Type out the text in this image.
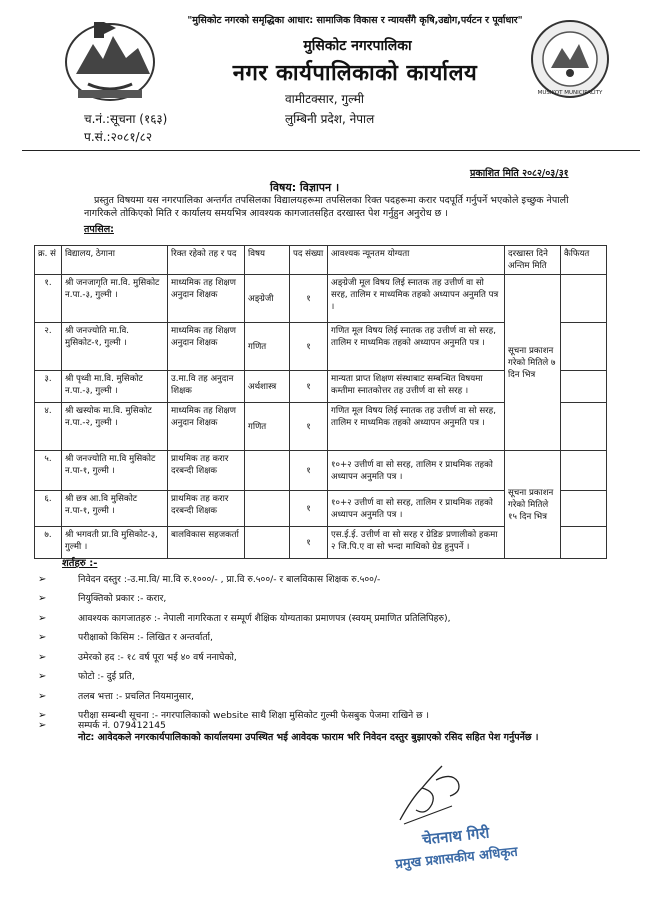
"मुसिकोट नगरको समृद्धिका आधार: सामाजिक विकास र न्यायसँगै कृषि,उद्योग,पर्यटन र पूर्वाधार"
मुसिकोट नगरपालिका
नगर कार्यपालिकाको कार्यालय
MUSIKOT MUNICIPALITY
च.नं.:सूचना (१६३)
प.सं.:२०८१/८२
वामीटक्सार, गुल्मी
लुम्बिनी प्रदेश, नेपाल
प्रकाशित मिति २०८२/०३/३१
विषय: विज्ञापन ।
प्रस्तुत विषयमा यस नगरपालिका अन्तर्गत तपसिलका विद्यालयहरूमा तपसिलका रिक्त पदहरूमा करार पदपूर्ति गर्नुपर्ने भएकोले इच्छुक नेपाली नागरिकले तोकिएको मिति र कार्यालय समयभित्र आवश्यक कागजातसहित दरखास्त पेश गर्नुहुन अनुरोध छ ।
तपसिल:
क्र. सं	विद्यालय, ठेगाना	रिक्त रहेको तह र पद	विषय	पद संख्या	आवश्यक न्यूनतम योग्यता	दरखास्त दिने अन्तिम मिति	कैफियत
१.	श्री जनजागृति मा.वि. मुसिकोट न.पा.-३, गुल्मी ।	माध्यमिक तह शिक्षण अनुदान शिक्षक	अङ्ग्रेजी	१	अङ्ग्रेजी मूल विषय लिई स्नातक तह उत्तीर्ण वा सो सरह, तालिम र माध्यमिक तहको अध्यापन अनुमति पत्र ।	सूचना प्रकाशन गरेको मितिले ७ दिन भित्र	
२.	श्री जनज्योति मा.वि. मुसिकोट-१, गुल्मी ।	माध्यमिक तह शिक्षण अनुदान शिक्षक	गणित	१	गणित मूल विषय लिई स्नातक तह उत्तीर्ण वा सो सरह, तालिम र माध्यमिक तहको अध्यापन अनुमति पत्र ।		
३.	श्री पृथ्वी मा.वि. मुसिकोट न.पा.-३, गुल्मी ।	उ.मा.वि तह अनुदान शिक्षक	अर्थशास्त्र	१	मान्यता प्राप्त शिक्षण संस्थाबाट सम्बन्धित विषयमा कम्तीमा स्नातकोत्तर तह उत्तीर्ण वा सो सरह ।		
४.	श्री खस्योक मा.वि. मुसिकोट न.पा.-२, गुल्मी ।	माध्यमिक तह शिक्षण अनुदान शिक्षक	गणित	१	गणित मूल विषय लिई स्नातक तह उत्तीर्ण वा सो सरह, तालिम र माध्यमिक तहको अध्यापन अनुमति पत्र ।		
५.	श्री जनज्योति मा.वि मुसिकोट न.पा-१, गुल्मी ।	प्राथमिक तह करार दरबन्दी शिक्षक		१	१०+२ उत्तीर्ण वा सो सरह, तालिम र प्राथमिक तहको अध्यापन अनुमति पत्र ।	सूचना प्रकाशन गरेको मितिले १५ दिन भित्र	
६.	श्री छत्र आ.वि मुसिकोट न.पा-१, गुल्मी ।	प्राथमिक तह करार दरबन्दी शिक्षक		१	१०+२ उत्तीर्ण वा सो सरह, तालिम र प्राथमिक तहको अध्यापन अनुमति पत्र ।		
७.	श्री भगवती प्रा.वि मुसिकोट-३, गुल्मी ।	बालविकास सहजकर्ता		१	एस.ई.ई. उत्तीर्ण वा सो सरह र ग्रेडिङ प्रणालीको हकमा २ जि.पि.ए वा सो भन्दा माथिको ग्रेड हुनुपर्ने ।		
शर्तहरु :-
➢	निवेदन दस्तुर :-उ.मा.वि/ मा.वि रु.१०००/- , प्रा.वि रु.५००/- र बालविकास शिक्षक रु.५००/-
➢	नियुक्तिको प्रकार :- करार,
➢	आवश्यक कागजातहरु :- नेपाली नागरिकता र सम्पूर्ण शैक्षिक योग्यताका प्रमाणपत्र (स्वयम् प्रमाणित प्रतिलिपिहरु),
➢	परीक्षाको किसिम :- लिखित र अन्तर्वार्ता,
➢	उमेरको हद :- १८ वर्ष पूरा भई ४० वर्ष ननाघेको,
➢	फोटो :- दुई प्रति,
➢	तलब भत्ता :- प्रचलित नियमानुसार,
➢	परीक्षा सम्बन्धी सूचना :- नगरपालिकाको website साथै शिक्षा मुसिकोट गुल्मी फेसबुक पेजमा राखिने छ ।
➢	सम्पर्क नं. 079412145
नोट: आवेदकले नगरकार्यपालिकाको कार्यालयमा उपस्थित भई आवेदक फाराम भरि निवेदन दस्तुर बुझाएको रसिद सहित पेश गर्नुपर्नेछ ।
चेतनाथ गिरी
प्रमुख प्रशासकीय अधिकृत
